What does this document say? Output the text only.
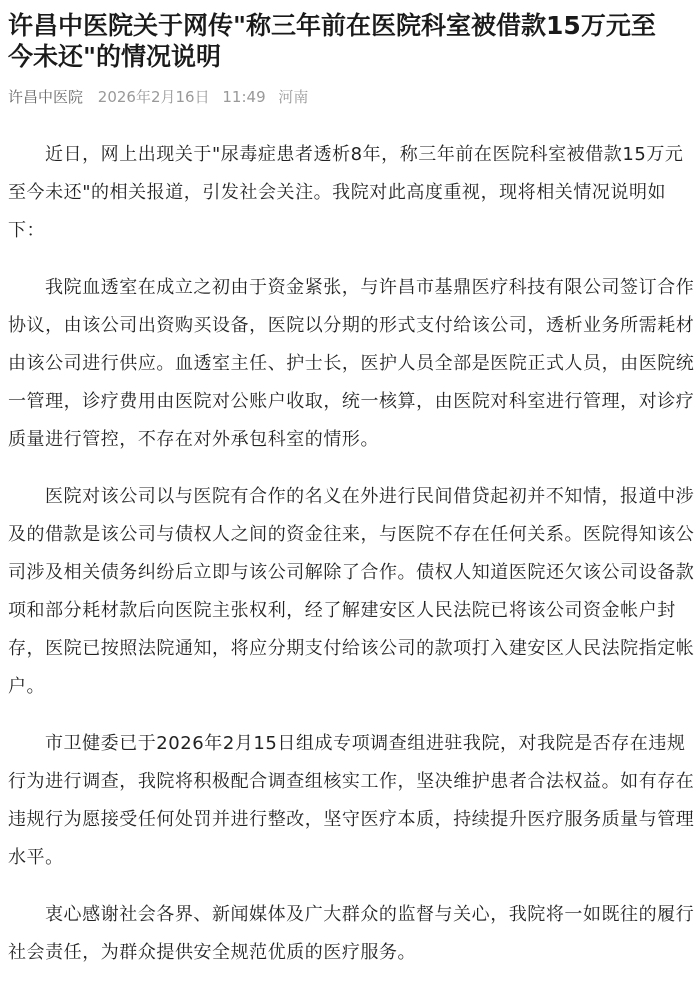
许昌中医院关于网传"称三年前在医院科室被借款15万元至今未还"的情况说明
许昌中医院 2026年2月16日 11:49 河南

近日，网上出现关于"尿毒症患者透析8年，称三年前在医院科室被借款15万元至今未还"的相关报道，引发社会关注。我院对此高度重视，现将相关情况说明如下：

我院血透室在成立之初由于资金紧张，与许昌市基鼎医疗科技有限公司签订合作协议，由该公司出资购买设备，医院以分期的形式支付给该公司，透析业务所需耗材由该公司进行供应。血透室主任、护士长，医护人员全部是医院正式人员，由医院统一管理，诊疗费用由医院对公账户收取，统一核算，由医院对科室进行管理，对诊疗质量进行管控，不存在对外承包科室的情形。

医院对该公司以与医院有合作的名义在外进行民间借贷起初并不知情，报道中涉及的借款是该公司与债权人之间的资金往来，与医院不存在任何关系。医院得知该公司涉及相关债务纠纷后立即与该公司解除了合作。债权人知道医院还欠该公司设备款项和部分耗材款后向医院主张权利，经了解建安区人民法院已将该公司资金帐户封存，医院已按照法院通知，将应分期支付给该公司的款项打入建安区人民法院指定帐户。

市卫健委已于2026年2月15日组成专项调查组进驻我院，对我院是否存在违规行为进行调查，我院将积极配合调查组核实工作，坚决维护患者合法权益。如有存在违规行为愿接受任何处罚并进行整改，坚守医疗本质，持续提升医疗服务质量与管理水平。

衷心感谢社会各界、新闻媒体及广大群众的监督与关心，我院将一如既往的履行社会责任，为群众提供安全规范优质的医疗服务。
